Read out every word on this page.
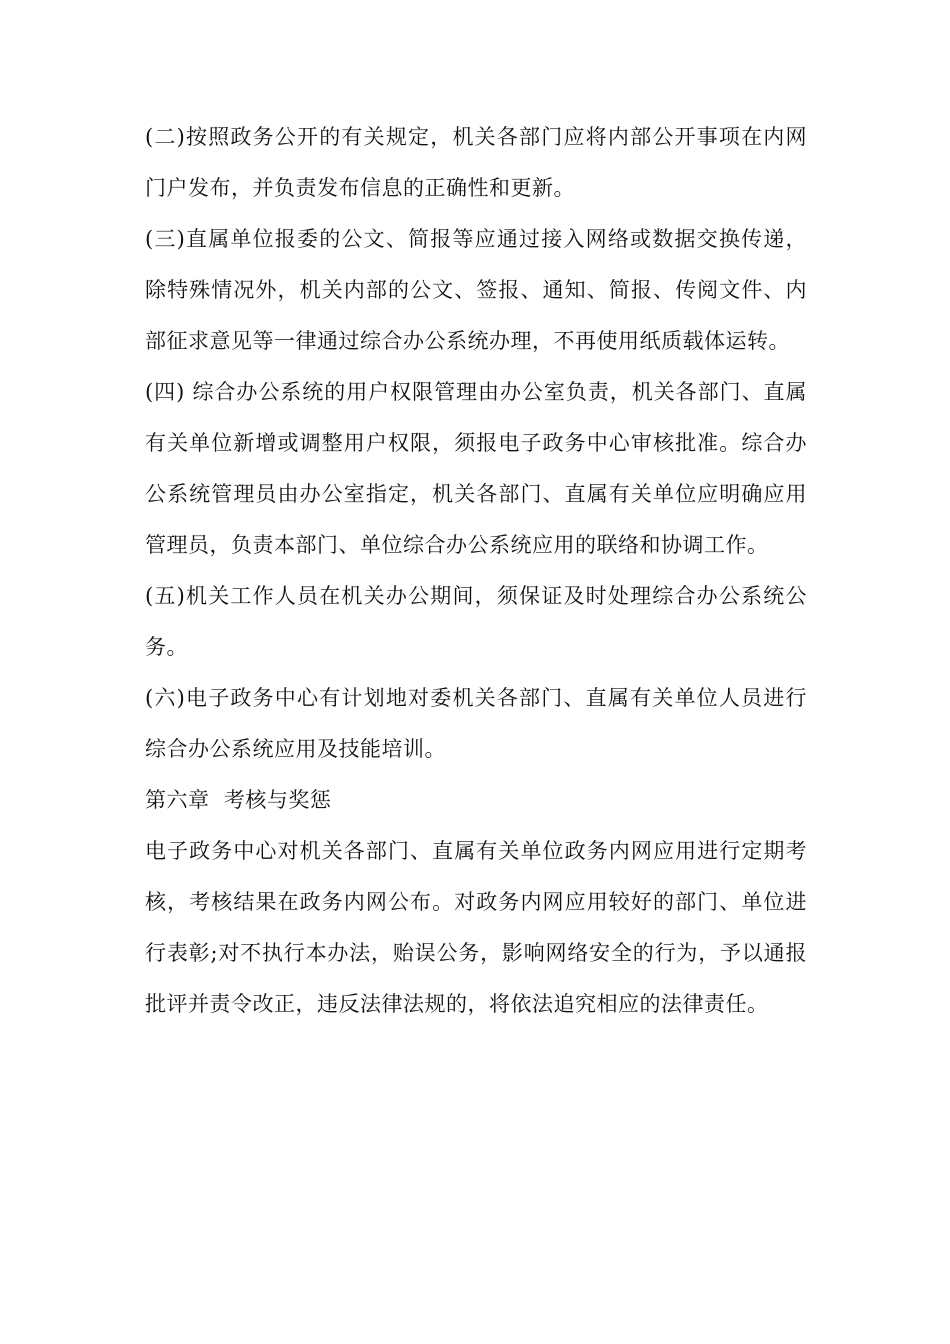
(二)按照政务公开的有关规定，机关各部门应将内部公开事项在内网门户发布，并负责发布信息的正确性和更新。

(三)直属单位报委的公文、简报等应通过接入网络或数据交换传递，除特殊情况外，机关内部的公文、签报、通知、简报、传阅文件、内部征求意见等一律通过综合办公系统办理，不再使用纸质载体运转。

(四) 综合办公系统的用户权限管理由办公室负责，机关各部门、直属有关单位新增或调整用户权限，须报电子政务中心审核批准。综合办公系统管理员由办公室指定，机关各部门、直属有关单位应明确应用管理员，负责本部门、单位综合办公系统应用的联络和协调工作。

(五)机关工作人员在机关办公期间，须保证及时处理综合办公系统公务。

(六)电子政务中心有计划地对委机关各部门、直属有关单位人员进行综合办公系统应用及技能培训。

第六章  考核与奖惩

电子政务中心对机关各部门、直属有关单位政务内网应用进行定期考核，考核结果在政务内网公布。对政务内网应用较好的部门、单位进行表彰;对不执行本办法，贻误公务，影响网络安全的行为，予以通报批评并责令改正，违反法律法规的，将依法追究相应的法律责任。
